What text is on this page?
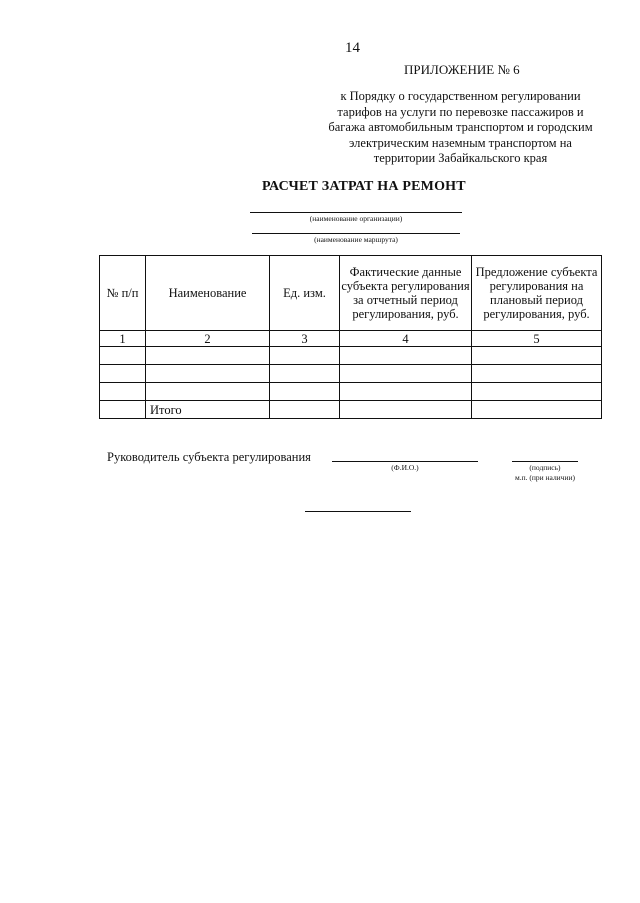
14
ПРИЛОЖЕНИЕ № 6
к Порядку о государственном регулировании
тарифов на услуги по перевозке пассажиров и
багажа автомобильным транспортом и городским
электрическим наземным транспортом на
территории Забайкальского края
РАСЧЕТ ЗАТРАТ НА РЕМОНТ
(наименование организации)
(наименование маршрута)
№ п/п	Наименование	Ед. изм.	Фактические данные субъекта регулирования за отчетный период регулирования, руб.	Предложение субъекта регулирования на плановый период регулирования, руб.
1	2	3	4	5

	Итого			
Руководитель субъекта регулирования
(Ф.И.О.)	(подпись)
м.п. (при наличии)
